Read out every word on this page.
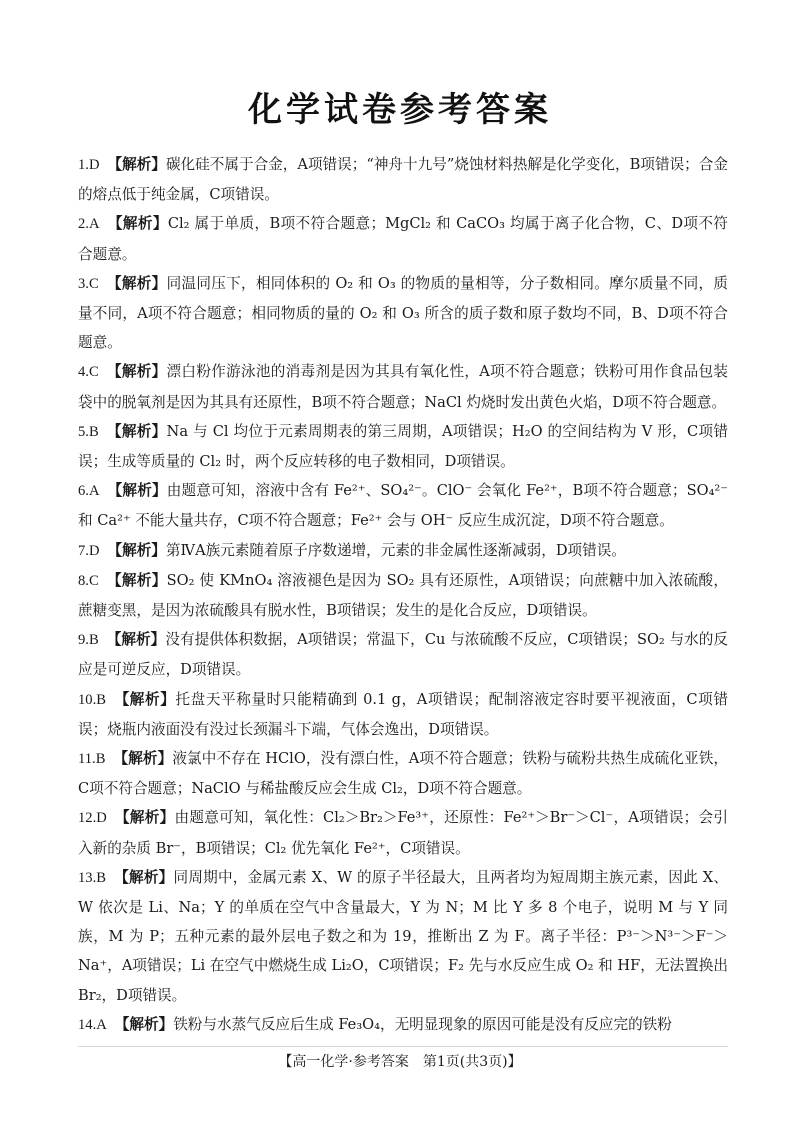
化学试卷参考答案

1.D 【解析】碳化硅不属于合金，A项错误；“神舟十九号”烧蚀材料热解是化学变化，B项错误；合金的熔点低于纯金属，C项错误。

2.A 【解析】Cl₂ 属于单质，B项不符合题意；MgCl₂ 和 CaCO₃ 均属于离子化合物，C、D项不符合题意。

3.C 【解析】同温同压下，相同体积的 O₂ 和 O₃ 的物质的量相等，分子数相同。摩尔质量不同，质量不同，A项不符合题意；相同物质的量的 O₂ 和 O₃ 所含的质子数和原子数均不同，B、D项不符合题意。

4.C 【解析】漂白粉作游泳池的消毒剂是因为其具有氧化性，A项不符合题意；铁粉可用作食品包装袋中的脱氧剂是因为其具有还原性，B项不符合题意；NaCl 灼烧时发出黄色火焰，D项不符合题意。

5.B 【解析】Na 与 Cl 均位于元素周期表的第三周期，A项错误；H₂O 的空间结构为 V 形，C项错误；生成等质量的 Cl₂ 时，两个反应转移的电子数相同，D项错误。

6.A 【解析】由题意可知，溶液中含有 Fe²⁺、SO₄²⁻。ClO⁻ 会氧化 Fe²⁺，B项不符合题意；SO₄²⁻和 Ca²⁺ 不能大量共存，C项不符合题意；Fe²⁺ 会与 OH⁻ 反应生成沉淀，D项不符合题意。

7.D 【解析】第ⅣA族元素随着原子序数递增，元素的非金属性逐渐减弱，D项错误。

8.C 【解析】SO₂ 使 KMnO₄ 溶液褪色是因为 SO₂ 具有还原性，A项错误；向蔗糖中加入浓硫酸，蔗糖变黑，是因为浓硫酸具有脱水性，B项错误；发生的是化合反应，D项错误。

9.B 【解析】没有提供体积数据，A项错误；常温下，Cu 与浓硫酸不反应，C项错误；SO₂ 与水的反应是可逆反应，D项错误。

10.B 【解析】托盘天平称量时只能精确到 0.1 g，A项错误；配制溶液定容时要平视液面，C项错误；烧瓶内液面没有没过长颈漏斗下端，气体会逸出，D项错误。

11.B 【解析】液氯中不存在 HClO，没有漂白性，A项不符合题意；铁粉与硫粉共热生成硫化亚铁，C项不符合题意；NaClO 与稀盐酸反应会生成 Cl₂，D项不符合题意。

12.D 【解析】由题意可知，氧化性：Cl₂＞Br₂＞Fe³⁺，还原性：Fe²⁺＞Br⁻＞Cl⁻，A项错误；会引入新的杂质 Br⁻，B项错误；Cl₂ 优先氧化 Fe²⁺，C项错误。

13.B 【解析】同周期中，金属元素 X、W 的原子半径最大，且两者均为短周期主族元素，因此 X、W 依次是 Li、Na；Y 的单质在空气中含量最大，Y 为 N；M 比 Y 多 8 个电子，说明 M 与 Y 同族，M 为 P；五种元素的最外层电子数之和为 19，推断出 Z 为 F。离子半径：P³⁻＞N³⁻＞F⁻＞Na⁺，A项错误；Li 在空气中燃烧生成 Li₂O，C项错误；F₂ 先与水反应生成 O₂ 和 HF，无法置换出 Br₂，D项错误。

14.A 【解析】铁粉与水蒸气反应后生成 Fe₃O₄，无明显现象的原因可能是没有反应完的铁粉

【高一化学·参考答案　第1页(共3页)】
